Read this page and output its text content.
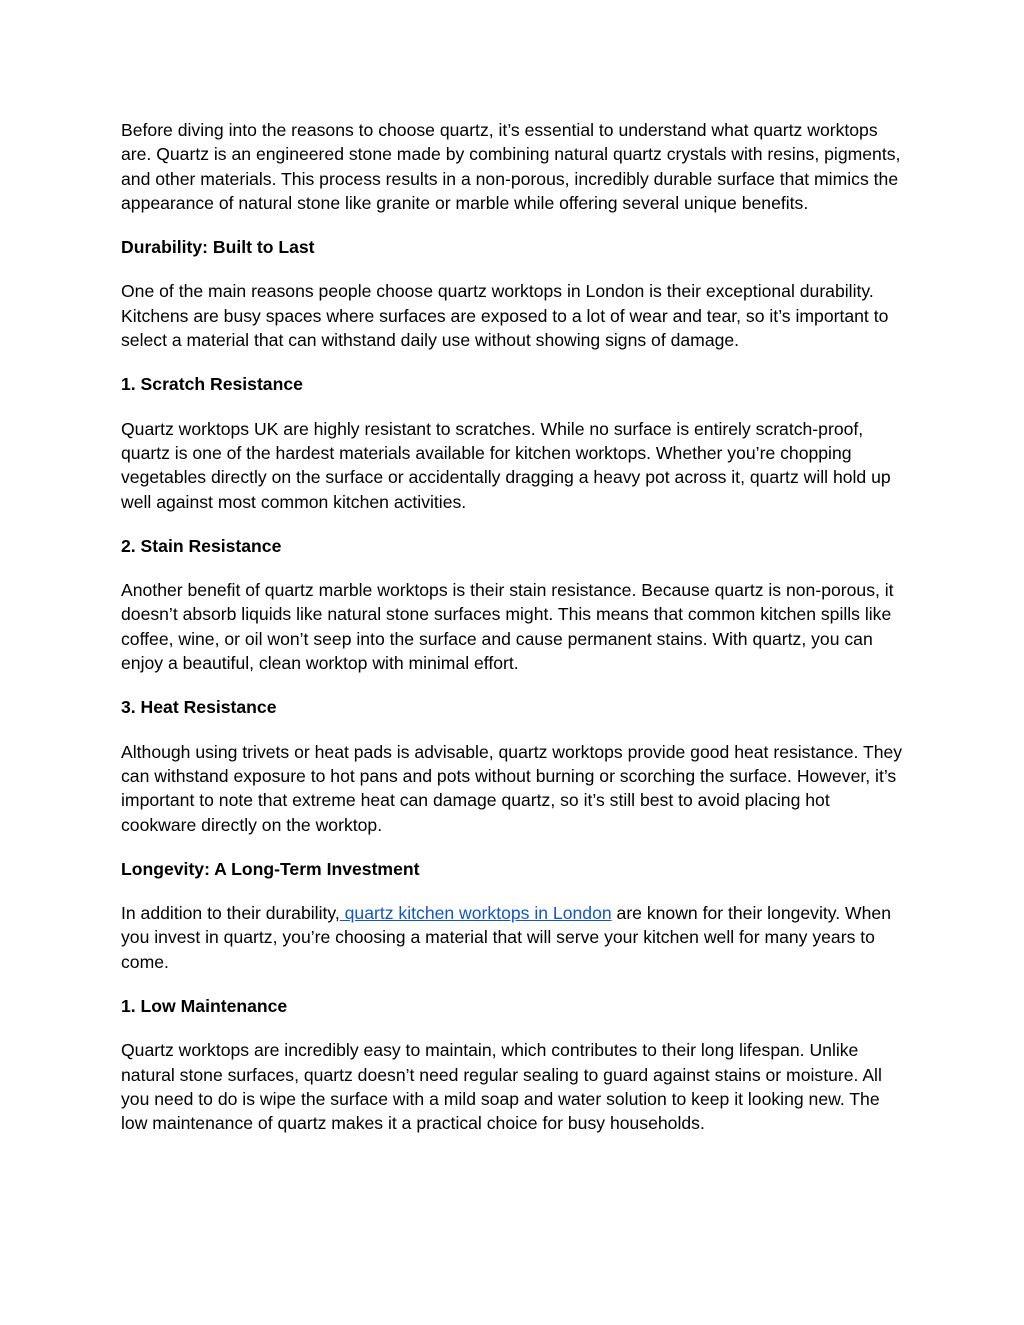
Before diving into the reasons to choose quartz, it’s essential to understand what quartz worktops are. Quartz is an engineered stone made by combining natural quartz crystals with resins, pigments, and other materials. This process results in a non-porous, incredibly durable surface that mimics the appearance of natural stone like granite or marble while offering several unique benefits.

Durability: Built to Last

One of the main reasons people choose quartz worktops in London is their exceptional durability. Kitchens are busy spaces where surfaces are exposed to a lot of wear and tear, so it’s important to select a material that can withstand daily use without showing signs of damage.

1. Scratch Resistance

Quartz worktops UK are highly resistant to scratches. While no surface is entirely scratch-proof, quartz is one of the hardest materials available for kitchen worktops. Whether you’re chopping vegetables directly on the surface or accidentally dragging a heavy pot across it, quartz will hold up well against most common kitchen activities.

2. Stain Resistance

Another benefit of quartz marble worktops is their stain resistance. Because quartz is non-porous, it doesn’t absorb liquids like natural stone surfaces might. This means that common kitchen spills like coffee, wine, or oil won’t seep into the surface and cause permanent stains. With quartz, you can enjoy a beautiful, clean worktop with minimal effort.

3. Heat Resistance

Although using trivets or heat pads is advisable, quartz worktops provide good heat resistance. They can withstand exposure to hot pans and pots without burning or scorching the surface. However, it’s important to note that extreme heat can damage quartz, so it’s still best to avoid placing hot cookware directly on the worktop.

Longevity: A Long-Term Investment

In addition to their durability, quartz kitchen worktops in London are known for their longevity. When you invest in quartz, you’re choosing a material that will serve your kitchen well for many years to come.

1. Low Maintenance

Quartz worktops are incredibly easy to maintain, which contributes to their long lifespan. Unlike natural stone surfaces, quartz doesn’t need regular sealing to guard against stains or moisture. All you need to do is wipe the surface with a mild soap and water solution to keep it looking new. The low maintenance of quartz makes it a practical choice for busy households.
